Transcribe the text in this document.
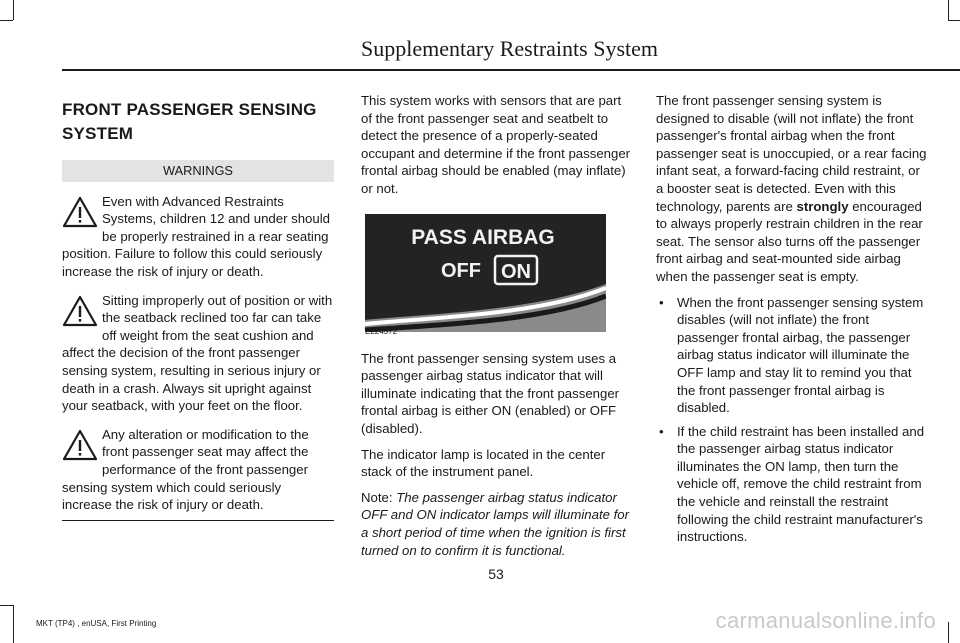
Supplementary Restraints System
FRONT PASSENGER SENSING
SYSTEM
WARNINGS

Even with Advanced Restraints Systems, children 12 and under should be properly restrained in a rear seating position. Failure to follow this could seriously increase the risk of injury or death.

Sitting improperly out of position or with the seatback reclined too far can take off weight from the seat cushion and affect the decision of the front passenger sensing system, resulting in serious injury or death in a crash. Always sit upright against your seatback, with your feet on the floor.

Any alteration or modification to the front passenger seat may affect the performance of the front passenger sensing system which could seriously increase the risk of injury or death.

This system works with sensors that are part of the front passenger seat and seatbelt to detect the presence of a properly-seated occupant and determine if the front passenger frontal airbag should be enabled (may inflate) or not.

PASS AIRBAG
OFF ON
E224572

The front passenger sensing system uses a passenger airbag status indicator that will illuminate indicating that the front passenger frontal airbag is either ON (enabled) or OFF (disabled).

The indicator lamp is located in the center stack of the instrument panel.

Note: The passenger airbag status indicator OFF and ON indicator lamps will illuminate for a short period of time when the ignition is first turned on to confirm it is functional.

The front passenger sensing system is designed to disable (will not inflate) the front passenger's frontal airbag when the front passenger seat is unoccupied, or a rear facing infant seat, a forward-facing child restraint, or a booster seat is detected. Even with this technology, parents are strongly encouraged to always properly restrain children in the rear seat. The sensor also turns off the passenger front airbag and seat-mounted side airbag when the passenger seat is empty.

• When the front passenger sensing system disables (will not inflate) the front passenger frontal airbag, the passenger airbag status indicator will illuminate the OFF lamp and stay lit to remind you that the front passenger frontal airbag is disabled.
• If the child restraint has been installed and the passenger airbag status indicator illuminates the ON lamp, then turn the vehicle off, remove the child restraint from the vehicle and reinstall the restraint following the child restraint manufacturer's instructions.
53
MKT (TP4) , enUSA, First Printing	carmanualsonline.info
